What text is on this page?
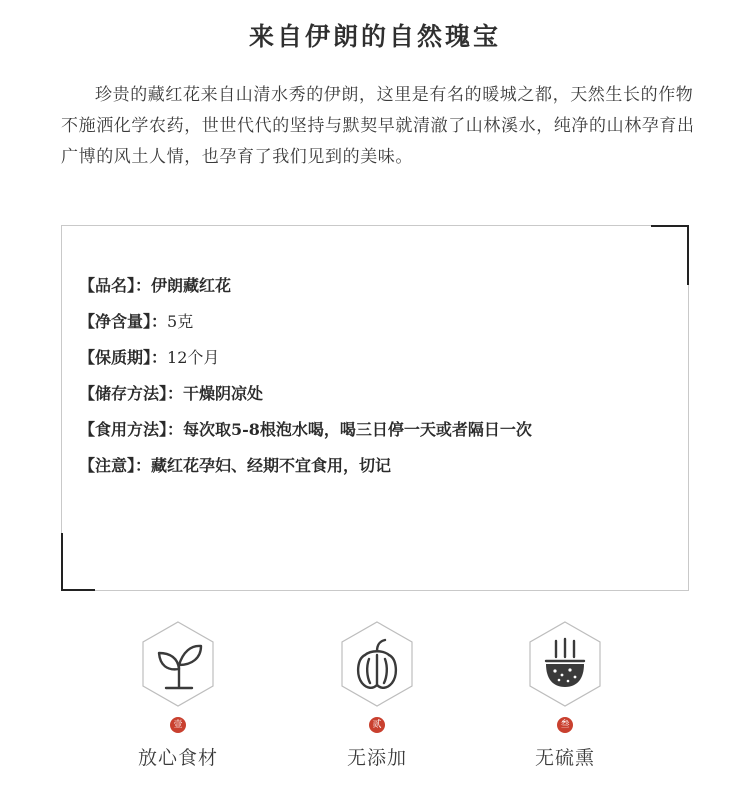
来自伊朗的自然瑰宝

珍贵的藏红花来自山清水秀的伊朗，这里是有名的暖城之都，天然生长的作物不施洒化学农药，世世代代的坚持与默契早就清澈了山林溪水，纯净的山林孕育出广博的风土人情，也孕育了我们见到的美味。

【品名】：伊朗藏红花
【净含量】：5克
【保质期】：12个月
【储存方法】：干燥阴凉处
【食用方法】：每次取5-8根泡水喝，喝三日停一天或者隔日一次
【注意】：藏红花孕妇、经期不宜食用，切记
壹
放心食材
贰
无添加
叁
无硫熏
